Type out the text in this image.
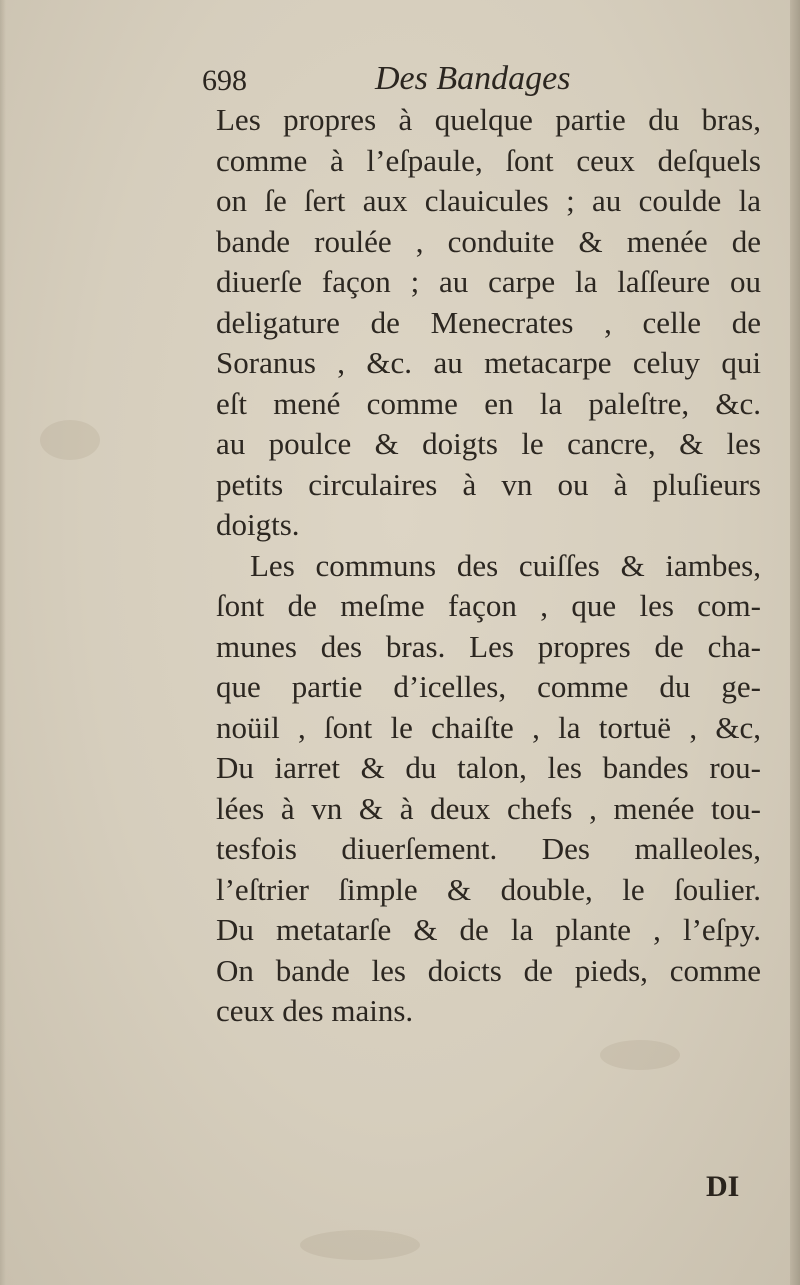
698	Des Bandages
Les propres à quelque partie du bras,
comme à l’eſpaule, ſont ceux deſquels
on ſe ſert aux clauicules ; au coulde la
bande roulée , conduite & menée de
diuerſe façon ; au carpe la laſſeure ou
deligature de Menecrates , celle de
Soranus , &c. au metacarpe celuy qui
eſt mené comme en la paleſtre, &c.
au poulce & doigts le cancre, & les
petits circulaires à vn ou à pluſieurs
doigts.
Les communs des cuiſſes & iambes,
ſont de meſme façon , que les com-
munes des bras. Les propres de cha-
que partie d’icelles, comme du ge-
noüil , ſont le chaiſte , la tortuë , &c,
Du iarret & du talon, les bandes rou-
lées à vn & à deux chefs , menée tou-
tesfois diuerſement. Des malleoles,
l’eſtrier ſimple & double, le ſoulier.
Du metatarſe & de la plante , l’eſpy.
On bande les doicts de pieds, comme
ceux des mains.
DI
